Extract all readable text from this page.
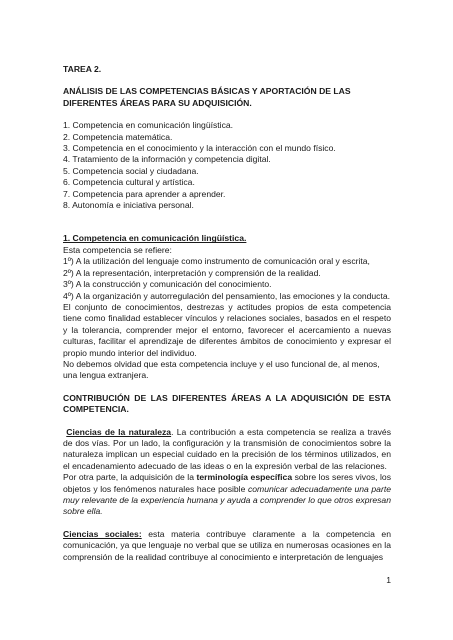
TAREA 2.

ANÁLISIS DE LAS COMPETENCIAS BÁSICAS Y APORTACIÓN DE LAS DIFERENTES ÁREAS PARA SU ADQUISICIÓN.

1. Competencia en comunicación lingüística.
2. Competencia matemática.
3. Competencia en el conocimiento y la interacción con el mundo físico.
4. Tratamiento de la información y competencia digital.
5. Competencia social y ciudadana.
6. Competencia cultural y artística.
7. Competencia para aprender a aprender.
8. Autonomía e iniciativa personal.

1. Competencia en comunicación lingüística.

Esta competencia se refiere:

1º) A la utilización del lenguaje como instrumento de comunicación oral y escrita,

2º) A la representación, interpretación y comprensión de la realidad.

3º) A la construcción y comunicación del conocimiento.

4º) A la organización y autorregulación del pensamiento, las emociones y la conducta.

El conjunto de conocimientos, destrezas y actitudes propios de esta competencia tiene como finalidad establecer vínculos y relaciones sociales, basados en el respeto y la tolerancia, comprender mejor el entorno, favorecer el acercamiento a nuevas culturas, facilitar el aprendizaje de diferentes ámbitos de conocimiento y expresar el propio mundo interior del individuo.

No debemos olvidad que esta competencia incluye y el uso funcional de, al menos, una lengua extranjera.

CONTRIBUCIÓN DE LAS DIFERENTES ÁREAS A LA ADQUISICIÓN DE ESTA COMPETENCIA.

Ciencias de la naturaleza. La contribución a esta competencia se realiza a través de dos vías. Por un lado, la configuración y la transmisión de conocimientos sobre la naturaleza implican un especial cuidado en la precisión de los términos utilizados, en el encadenamiento adecuado de las ideas o en la expresión verbal de las relaciones.

Por otra parte, la adquisición de la terminología específica sobre los seres vivos, los objetos y los fenómenos naturales hace posible comunicar adecuadamente una parte muy relevante de la experiencia humana y ayuda a comprender lo que otros expresan sobre ella.

Ciencias sociales: esta materia contribuye claramente a la competencia en comunicación, ya que lenguaje no verbal que se utiliza en numerosas ocasiones en la comprensión de la realidad contribuye al conocimiento e interpretación de lenguajes

1
